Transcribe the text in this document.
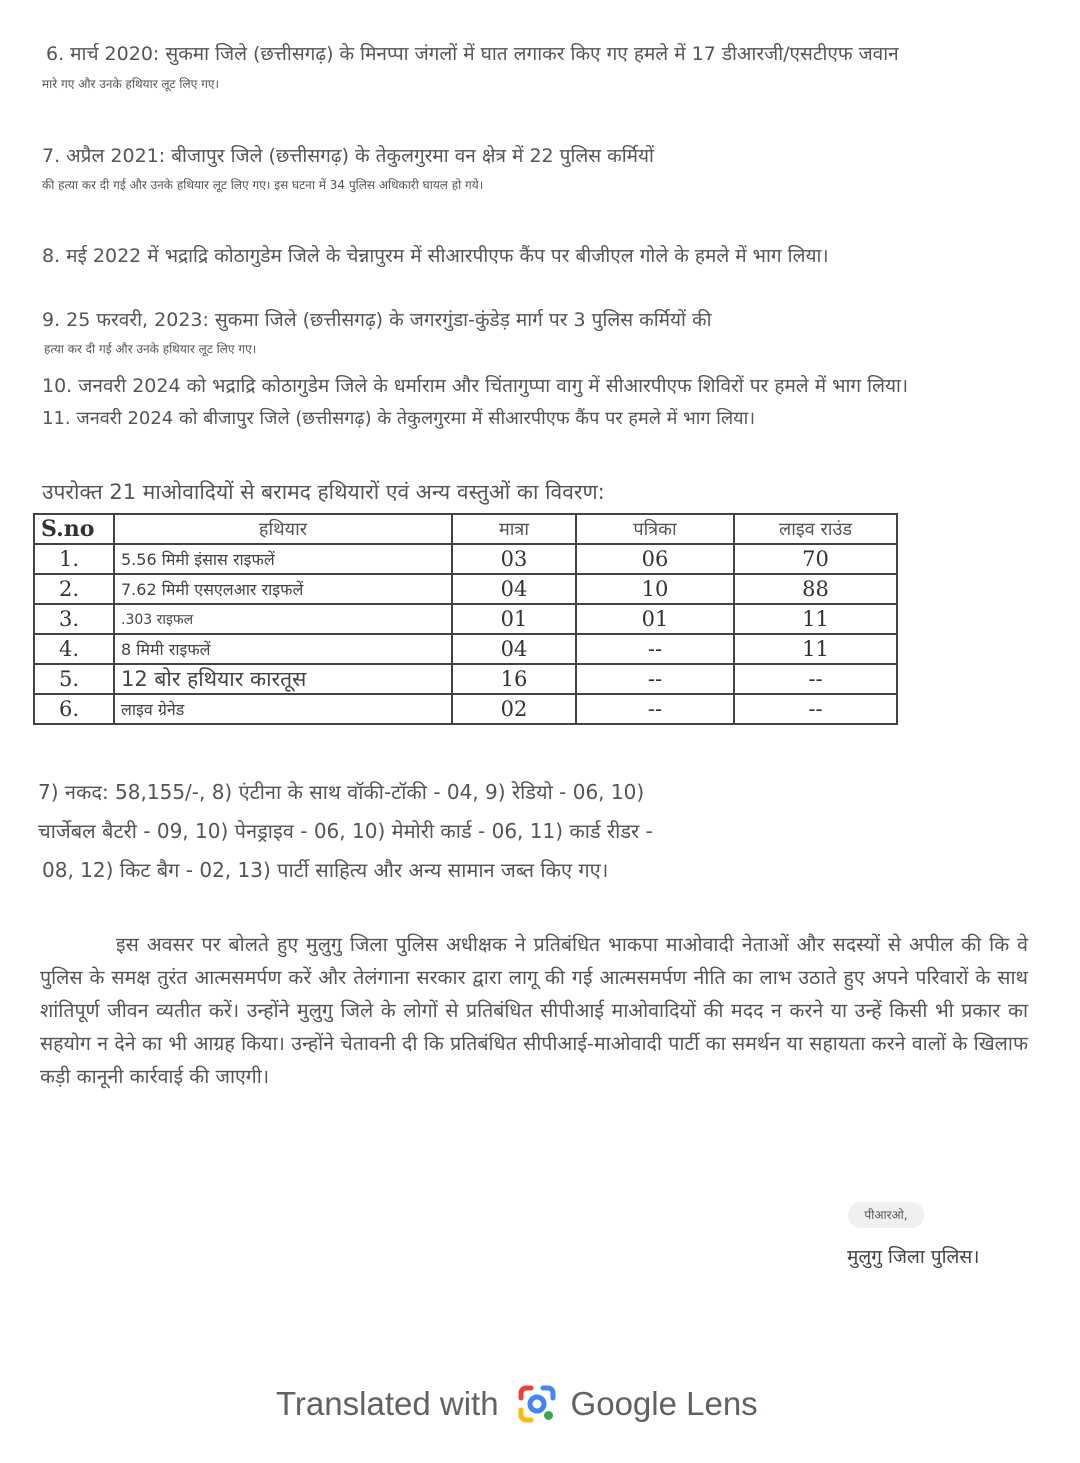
6. मार्च 2020: सुकमा जिले (छत्तीसगढ़) के मिनप्पा जंगलों में घात लगाकर किए गए हमले में 17 डीआरजी/एसटीएफ जवान
मारे गए और उनके हथियार लूट लिए गए।
7. अप्रैल 2021: बीजापुर जिले (छत्तीसगढ़) के तेकुलगुरमा वन क्षेत्र में 22 पुलिस कर्मियों
की हत्या कर दी गई और उनके हथियार लूट लिए गए। इस घटना में 34 पुलिस अधिकारी घायल हो गये।
8. मई 2022 में भद्राद्रि कोठागुडेम जिले के चेन्नापुरम में सीआरपीएफ कैंप पर बीजीएल गोले के हमले में भाग लिया।
9. 25 फरवरी, 2023: सुकमा जिले (छत्तीसगढ़) के जगरगुंडा-कुंडेड़ मार्ग पर 3 पुलिस कर्मियों की
हत्या कर दी गई और उनके हथियार लूट लिए गए।
10. जनवरी 2024 को भद्राद्रि कोठागुडेम जिले के धर्माराम और चिंतागुप्पा वागु में सीआरपीएफ शिविरों पर हमले में भाग लिया।
11. जनवरी 2024 को बीजापुर जिले (छत्तीसगढ़) के तेकुलगुरमा में सीआरपीएफ कैंप पर हमले में भाग लिया।
उपरोक्त 21 माओवादियों से बरामद हथियारों एवं अन्य वस्तुओं का विवरण:
S.no	हथियार	मात्रा	पत्रिका	लाइव राउंड
1.	5.56 मिमी इंसास राइफलें	03	06	70
2.	7.62 मिमी एसएलआर राइफलें	04	10	88
3.	.303 राइफल	01	01	11
4.	8 मिमी राइफलें	04	--	11
5.	12 बोर हथियार कारतूस	16	--	--
6.	लाइव ग्रेनेड	02	--	--
7) नकद: 58,155/-, 8) एंटीना के साथ वॉकी-टॉकी - 04, 9) रेडियो - 06, 10)
चार्जेबल बैटरी - 09, 10) पेनड्राइव - 06, 10) मेमोरी कार्ड - 06, 11) कार्ड रीडर -
08, 12) किट बैग - 02, 13) पार्टी साहित्य और अन्य सामान जब्त किए गए।
इस अवसर पर बोलते हुए मुलुगु जिला पुलिस अधीक्षक ने प्रतिबंधित भाकपा माओवादी नेताओं और सदस्यों से अपील की कि वे पुलिस के समक्ष तुरंत आत्मसमर्पण करें और तेलंगाना सरकार द्वारा लागू की गई आत्मसमर्पण नीति का लाभ उठाते हुए अपने परिवारों के साथ शांतिपूर्ण जीवन व्यतीत करें। उन्होंने मुलुगु जिले के लोगों से प्रतिबंधित सीपीआई माओवादियों की मदद न करने या उन्हें किसी भी प्रकार का सहयोग न देने का भी आग्रह किया। उन्होंने चेतावनी दी कि प्रतिबंधित सीपीआई-माओवादी पार्टी का समर्थन या सहायता करने वालों के खिलाफ कड़ी कानूनी कार्रवाई की जाएगी।
पीआरओ,
मुलुगु जिला पुलिस।
Translated with Google Lens
